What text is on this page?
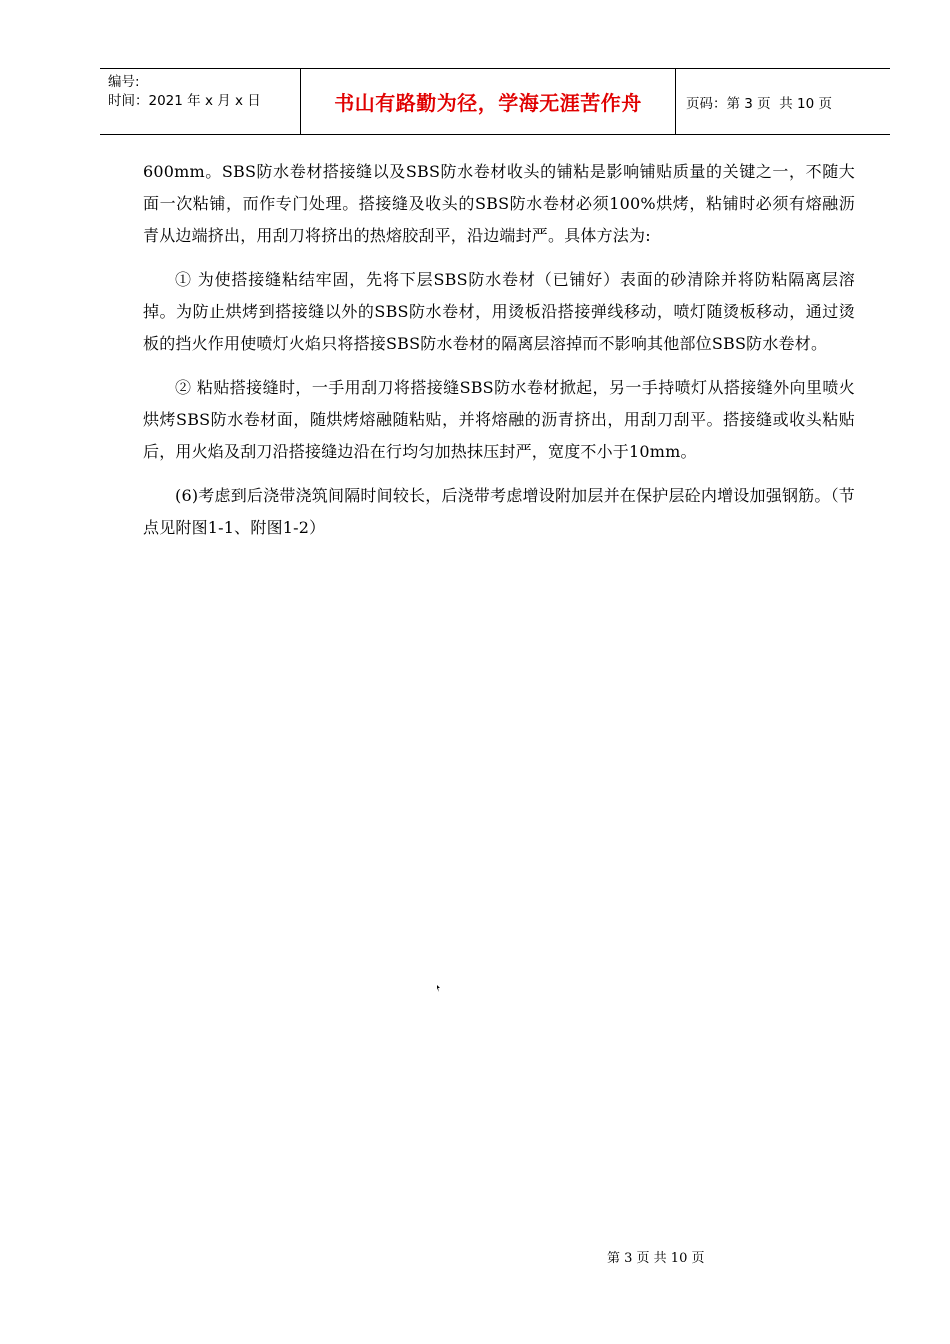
编号:
时间：2021 年 x 月 x 日	书山有路勤为径，学海无涯苦作舟	页码：第 3 页  共 10 页

600mm。SBS防水卷材搭接缝以及SBS防水卷材收头的铺粘是影响铺贴质量的关键之一，不随大面一次粘铺，而作专门处理。搭接缝及收头的SBS防水卷材必须100%烘烤，粘铺时必须有熔融沥青从边端挤出，用刮刀将挤出的热熔胶刮平，沿边端封严。具体方法为:

① 为使搭接缝粘结牢固，先将下层SBS防水卷材（已铺好）表面的砂清除并将防粘隔离层溶掉。为防止烘烤到搭接缝以外的SBS防水卷材，用烫板沿搭接弹线移动，喷灯随烫板移动，通过烫板的挡火作用使喷灯火焰只将搭接SBS防水卷材的隔离层溶掉而不影响其他部位SBS防水卷材。

② 粘贴搭接缝时，一手用刮刀将搭接缝SBS防水卷材掀起，另一手持喷灯从搭接缝外向里喷火烘烤SBS防水卷材面，随烘烤熔融随粘贴，并将熔融的沥青挤出，用刮刀刮平。搭接缝或收头粘贴后，用火焰及刮刀沿搭接缝边沿在行均匀加热抹压封严，宽度不小于10mm。

(6)考虑到后浇带浇筑间隔时间较长，后浇带考虑增设附加层并在保护层砼内增设加强钢筋。（节点见附图1-1、附图1-2）

第 3 页 共 10 页
